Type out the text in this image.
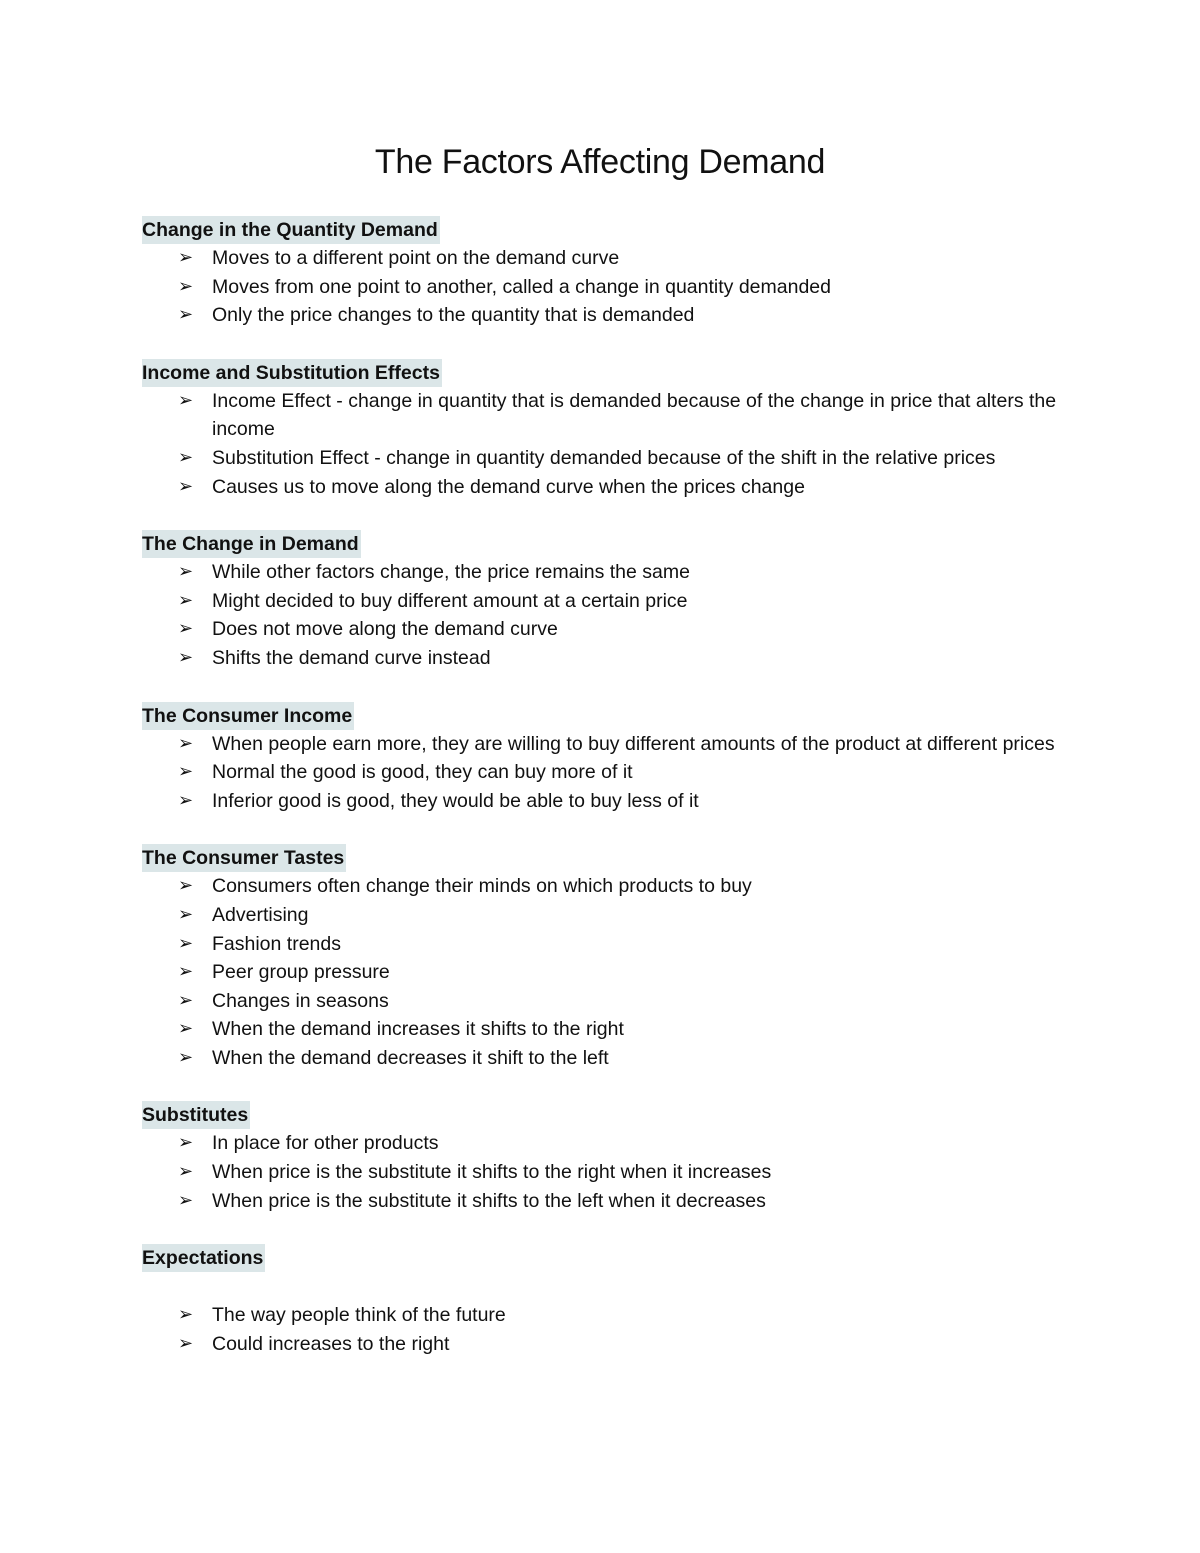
The Factors Affecting Demand
Change in the Quantity Demand
➢ Moves to a different point on the demand curve
➢ Moves from one point to another, called a change in quantity demanded
➢ Only the price changes to the quantity that is demanded
Income and Substitution Effects
➢ Income Effect - change in quantity that is demanded because of the change in price that alters the income
➢ Substitution Effect - change in quantity demanded because of the shift in the relative prices
➢ Causes us to move along the demand curve when the prices change
The Change in Demand
➢ While other factors change, the price remains the same
➢ Might decided to buy different amount at a certain price
➢ Does not move along the demand curve
➢ Shifts the demand curve instead
The Consumer Income
➢ When people earn more, they are willing to buy different amounts of the product at different prices
➢ Normal the good is good, they can buy more of it
➢ Inferior good is good, they would be able to buy less of it
The Consumer Tastes
➢ Consumers often change their minds on which products to buy
➢ Advertising
➢ Fashion trends
➢ Peer group pressure
➢ Changes in seasons
➢ When the demand increases it shifts to the right
➢ When the demand decreases it shift to the left
Substitutes
➢ In place for other products
➢ When price is the substitute it shifts to the right when it increases
➢ When price is the substitute it shifts to the left when it decreases
Expectations
➢ The way people think of the future
➢ Could increases to the right
